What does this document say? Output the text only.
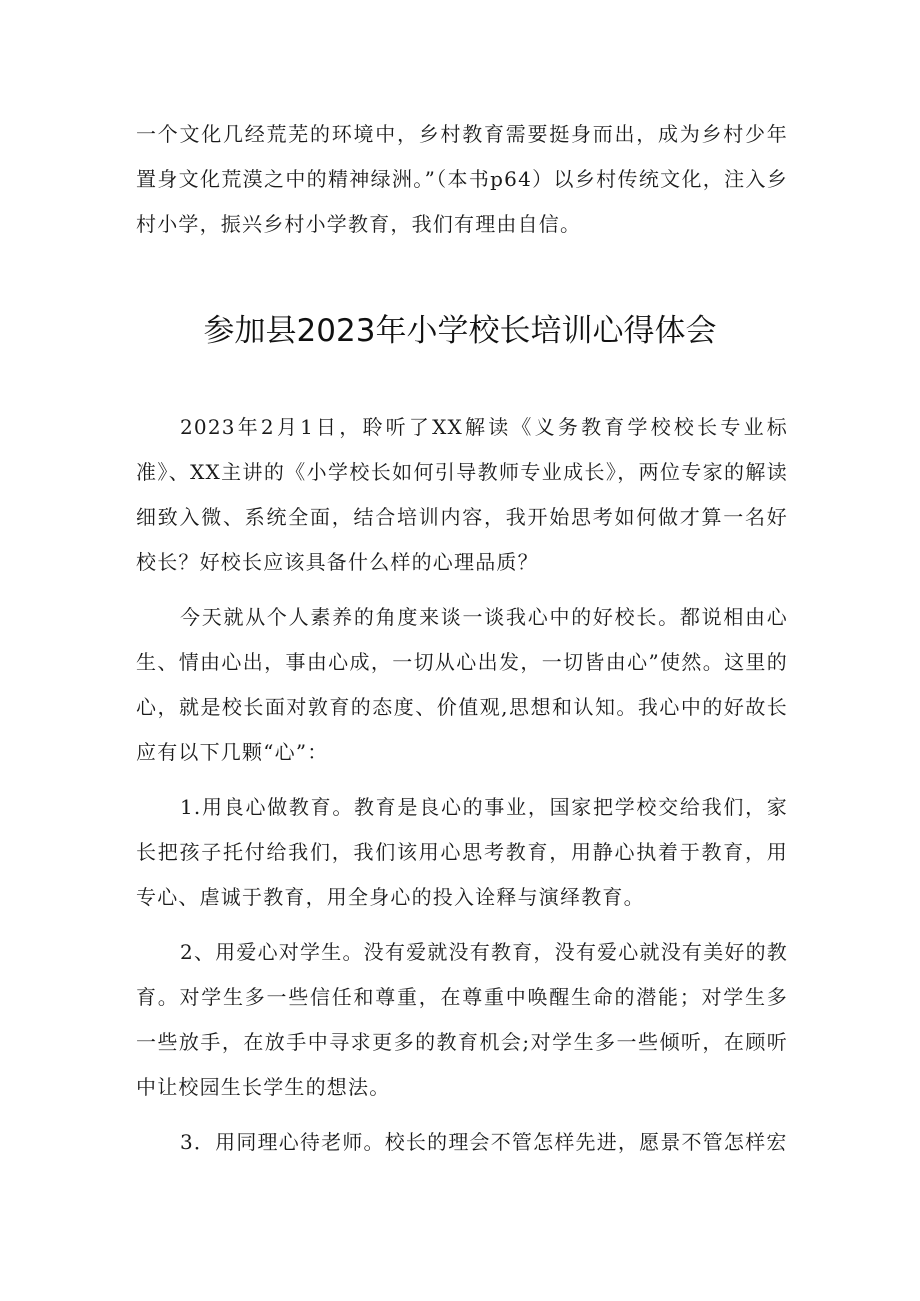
一个文化几经荒芜的环境中，乡村教育需要挺身而出，成为乡村少年置身文化荒漠之中的精神绿洲。”（本书p64）以乡村传统文化，注入乡村小学，振兴乡村小学教育，我们有理由自信。

参加县2023年小学校长培训心得体会

2023年2月1日，聆听了XX解读《义务教育学校校长专业标准》、XX主讲的《小学校长如何引导教师专业成长》，两位专家的解读细致入微、系统全面，结合培训内容，我开始思考如何做才算一名好校长？好校长应该具备什么样的心理品质？

今天就从个人素养的角度来谈一谈我心中的好校长。都说相由心生、情由心出，事由心成，一切从心出发，一切皆由心”使然。这里的心，就是校长面对敦育的态度、价值观,思想和认知。我心中的好故长应有以下几颗“心”：

1.用良心做教育。教育是良心的事业，国家把学校交给我们，家长把孩子托付给我们，我们该用心思考教育，用静心执着于教育，用专心、虐诚于教育，用全身心的投入诠释与演绎教育。

2、用爱心对学生。没有爱就没有教育，没有爱心就没有美好的教育。对学生多一些信任和尊重，在尊重中唤醒生命的潜能；对学生多一些放手，在放手中寻求更多的教育机会;对学生多一些倾听，在顾听中让校园生长学生的想法。

3．用同理心待老师。校长的理会不管怎样先进，愿景不管怎样宏
